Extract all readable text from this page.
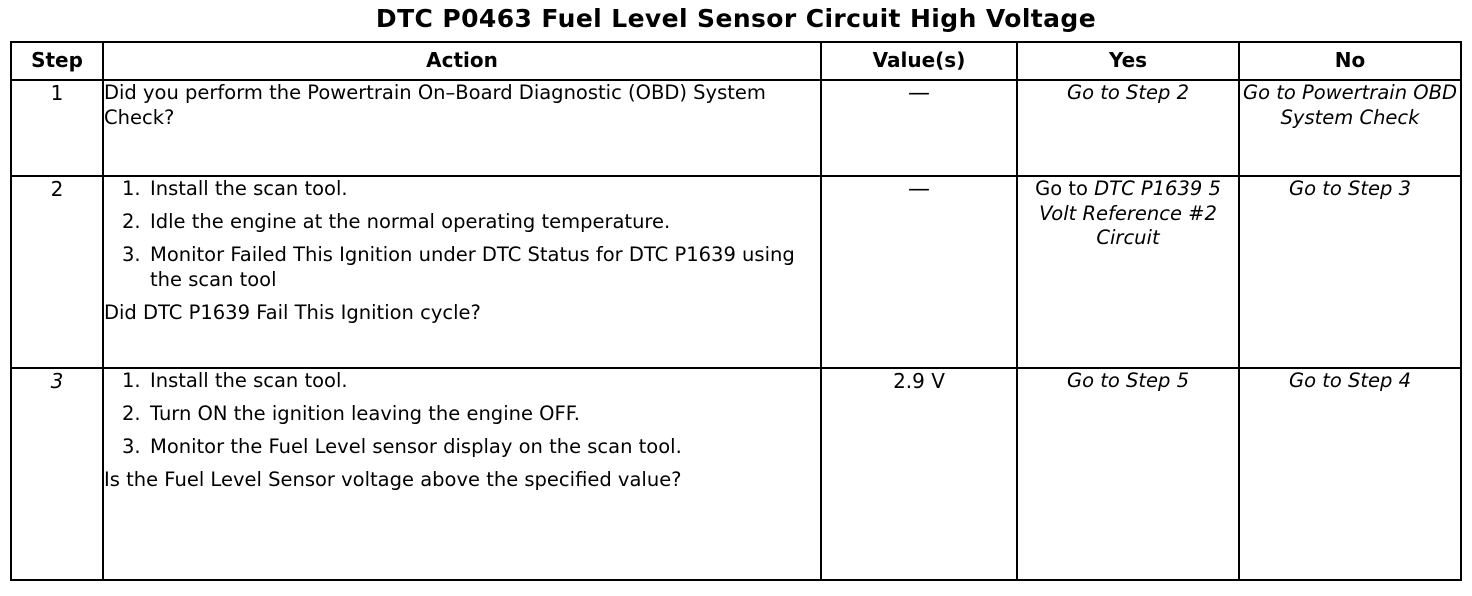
DTC P0463 Fuel Level Sensor Circuit High Voltage
Step	Action	Value(s)	Yes	No
1	Did you perform the Powertrain On–Board Diagnostic (OBD) System Check?	—	Go to Step 2	Go to Powertrain OBD System Check
2	1. Install the scan tool.
2. Idle the engine at the normal operating temperature.
3. Monitor Failed This Ignition under DTC Status for DTC P1639 using the scan tool
Did DTC P1639 Fail This Ignition cycle?
	—	Go to DTC P1639 5 Volt Reference #2 Circuit	Go to Step 3
3	1. Install the scan tool.
2. Turn ON the ignition leaving the engine OFF.
3. Monitor the Fuel Level sensor display on the scan tool.
Is the Fuel Level Sensor voltage above the specified value?
	2.9 V	Go to Step 5	Go to Step 4
